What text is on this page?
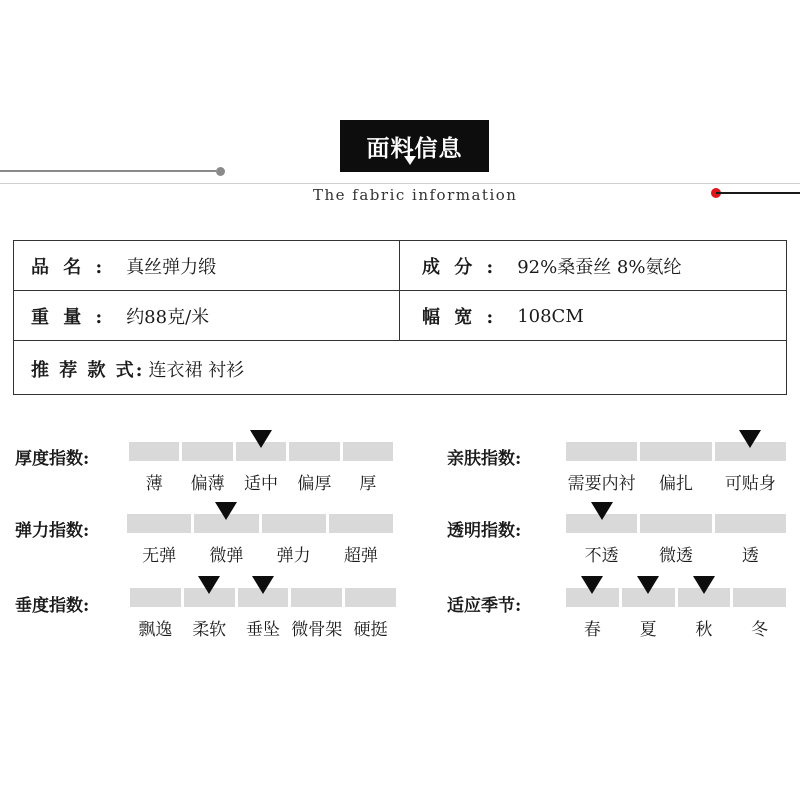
面料信息
The fabric information
品 名 : 真丝弹力缎	成 分 : 92%桑蚕丝 8%氨纶
重 量 : 约88克/米	幅 宽 : 108CM
推 荐 款 式: 连衣裙 衬衫
厚度指数:
薄 偏薄 适中 偏厚 厚
弹力指数:
无弹 微弹 弹力 超弹
垂度指数:
飘逸 柔软 垂坠 微骨架 硬挺
亲肤指数:
需要内衬 偏扎 可贴身
透明指数:
不透 微透	透
适应季节:
春 夏 秋 冬
